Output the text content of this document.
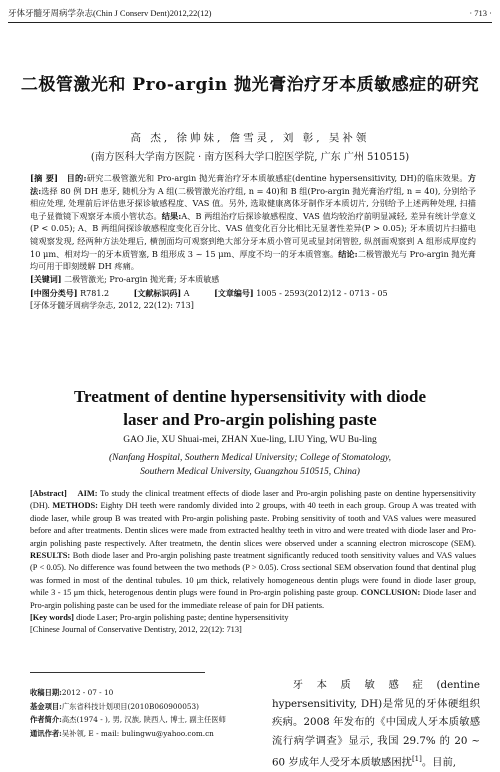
牙体牙髓牙周病学杂志(Chin J Conserv Dent)2012,22(12)	· 713 ·
二极管激光和 Pro-argin 抛光膏治疗牙本质敏感症的研究
高 杰, 徐帅妹, 詹雪灵, 刘 彰, 吴补领
(南方医科大学南方医院 · 南方医科大学口腔医学院, 广东 广州 510515)

[摘 要] 目的:研究二极管激光和 Pro-argin 抛光膏治疗牙本质敏感症(dentine hypersensitivity, DH)的临床效果。方法:选择 80 例 DH 患牙, 随机分为 A 组(二极管激光治疗组, n = 40)和 B 组(Pro-argin 抛光膏治疗组, n = 40), 分别给予相应处理, 处理前后评估患牙探诊敏感程度、VAS 值。另外, 选取健康离体牙制作牙本质切片, 分别给予上述两种处理, 扫描电子显微镜下观察牙本质小管状态。结果:A、B 两组治疗后探诊敏感程度、VAS 值均较治疗前明显减轻, 差异有统计学意义(P < 0.05); A、B 两组间探诊敏感程度变化百分比、VAS 值变化百分比相比无显著性差异(P > 0.05); 牙本质切片扫描电镜观察发现, 经两种方法处理后, 横剖面均可观察到绝大部分牙本质小管可见或显封闭管腔, 纵剖面观察到 A 组形成厚度约 10 μm、相对均一的牙本质管塞, B 组形成 3 ~ 15 μm、厚度不均一的牙本质管塞。结论:二极管激光与 Pro-argin 抛光膏均可用于即刻缓解 DH 疼痛。

[关键词] 二极管激光; Pro-argin 抛光膏; 牙本质敏感
[中图分类号] R781.2	[文献标识码] A	[文章编号] 1005 - 2593(2012)12 - 0713 - 05
[牙体牙髓牙周病学杂志, 2012, 22(12): 713]
Treatment of dentine hypersensitivity with diode
laser and Pro-argin polishing paste
GAO Jie, XU Shuai-mei, ZHAN Xue-ling, LIU Ying, WU Bu-ling
(Nanfang Hospital, Southern Medical University; College of Stomatology,
Southern Medical University, Guangzhou 510515, China)

[Abstract] AIM: To study the clinical treatment effects of diode laser and Pro-argin polishing paste on dentine hypersensitivity (DH). METHODS: Eighty DH teeth were randomly divided into 2 groups, with 40 teeth in each group. Group A was treated with diode laser, while group B was treated with Pro-argin polishing paste. Probing sensitivity of tooth and VAS values were measured before and after treatments. Dentin slices were made from extracted healthy teeth in vitro and were treated with diode laser and Pro-argin polishing paste respectively. After treatmetn, the dentin slices were observed under a scanning electron microscope (SEM). RESULTS: Both diode laser and Pro-argin polishing paste treatment significantly reduced tooth sensitivity values and VAS values (P < 0.05). No difference was found between the two methods (P > 0.05). Cross sectional SEM observation found that dentinal plug was formed in most of the dentinal tubules. 10 μm thick, relatively homogeneous dentin plugs were found in diode laser group, while 3 - 15 μm thick, heterogenous dentin plugs were found in Pro-argin polishing paste group. CONCLUSION: Diode laser and Pro-argin polishing paste can be used for the immediate release of pain for DH patients.

[Key words] diode Laser; Pro-argin polishing paste; dentine hypersensitivity

[Chinese Journal of Conservative Dentistry, 2012, 22(12): 713]

收稿日期:2012 - 07 - 10
基金项目:广东省科技计划项目(2010B060900053)
作者简介:高杰(1974 - ), 男, 汉族, 陕西人, 博士, 副主任医师
通讯作者:吴补领, E - mail: bulingwu@yahoo.com.cn
牙本质敏感症(dentine hypersensitivity, DH)是常见的牙体硬组织疾病。2008 年发布的《中国成人牙本质敏感流行病学调查》显示, 我国 29.7% 的 20 ~ 60 岁成年人受牙本质敏感困扰[1]。目前,
